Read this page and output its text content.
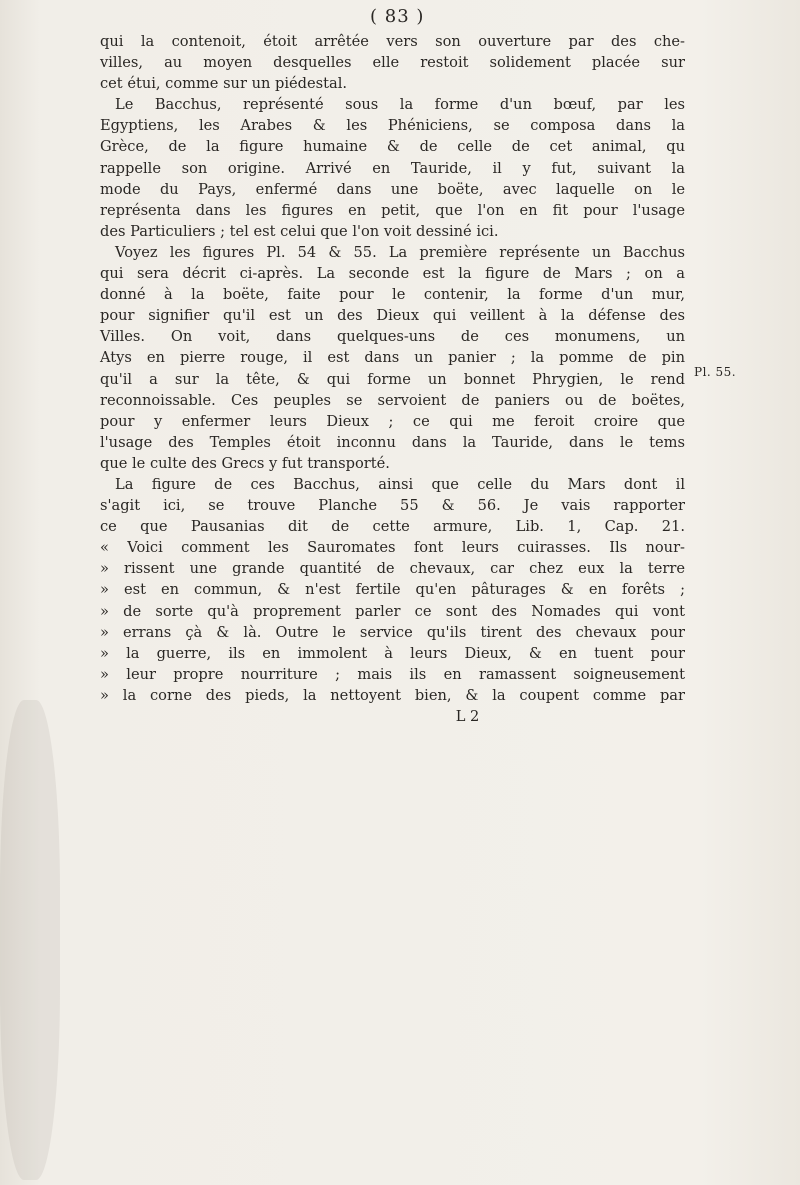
( 83 )
qui la contenoit, étoit arrêtée vers son ouverture par des che-
villes, au moyen desquelles elle restoit solidement placée sur
cet étui, comme sur un piédestal.
Le Bacchus, représenté sous la forme d'un bœuf, par les
Egyptiens, les Arabes & les Phéniciens, se composa dans la
Grèce, de la figure humaine & de celle de cet animal, qu
rappelle son origine. Arrivé en Tauride, il y fut, suivant la
mode du Pays, enfermé dans une boëte, avec laquelle on le
représenta dans les figures en petit, que l'on en fit pour l'usage
des Particuliers ; tel est celui que l'on voit dessiné ici.
Voyez les figures Pl. 54 & 55. La première représente un Bacchus
qui sera décrit ci-après. La seconde est la figure de Mars ; on a
donné à la boëte, faite pour le contenir, la forme d'un mur,
pour signifier qu'il est un des Dieux qui veillent à la défense des
Villes. On voit, dans quelques-uns de ces monumens, un
Atys en pierre rouge, il est dans un panier ; la pomme de pin
qu'il a sur la tête, & qui forme un bonnet Phrygien, le rend
reconnoissable. Ces peuples se servoient de paniers ou de boëtes,
pour y enfermer leurs Dieux ; ce qui me feroit croire que
l'usage des Temples étoit inconnu dans la Tauride, dans le tems
que le culte des Grecs y fut transporté.
La figure de ces Bacchus, ainsi que celle du Mars dont il
s'agit ici, se trouve Planche 55 & 56. Je vais rapporter
ce que Pausanias dit de cette armure, Lib. 1, Cap. 21.
« Voici comment les Sauromates font leurs cuirasses. Ils nour-
» rissent une grande quantité de chevaux, car chez eux la terre
» est en commun, & n'est fertile qu'en pâturages & en forêts ;
» de sorte qu'à proprement parler ce sont des Nomades qui vont
» errans çà & là. Outre le service qu'ils tirent des chevaux pour
» la guerre, ils en immolent à leurs Dieux, & en tuent pour
» leur propre nourriture ; mais ils en ramassent soigneusement
» la corne des pieds, la nettoyent bien, & la coupent comme par
L 2
Pl. 55.
